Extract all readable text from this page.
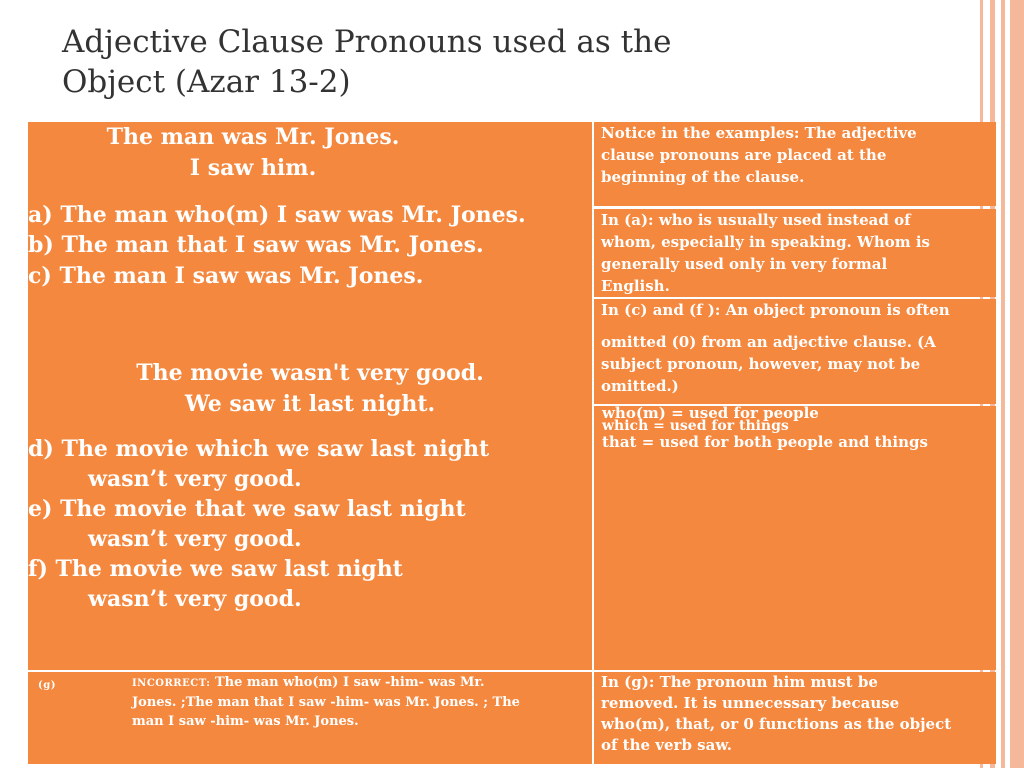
Adjective Clause Pronouns used as the
Object (Azar 13-2)
The man was Mr. Jones.
I saw him.
a) The man who(m) I saw was Mr. Jones.
b) The man that I saw was Mr. Jones.
c) The man I saw was Mr. Jones.
The movie wasn't very good.
We saw it last night.
d) The movie which we saw last night
wasn’t very good.
e) The movie that we saw last night
wasn’t very good.
f) The movie we saw last night
wasn’t very good.
(g)	INCORRECT: The man who(m) I saw -him- was Mr.
Jones. ;The man that I saw -him- was Mr. Jones. ; The
man I saw -him- was Mr. Jones.
Notice in the examples: The adjective
clause pronouns are placed at the
beginning of the clause.
In (a): who is usually used instead of
whom, especially in speaking. Whom is
generally used only in very formal
English.
In (c) and (f ): An object pronoun is often
omitted (0) from an adjective clause. (A
subject pronoun, however, may not be
omitted.)
who(m) = used for people
which = used for things
that = used for both people and things
In (g): The pronoun him must be
removed. It is unnecessary because
who(m), that, or 0 functions as the object
of the verb saw.
